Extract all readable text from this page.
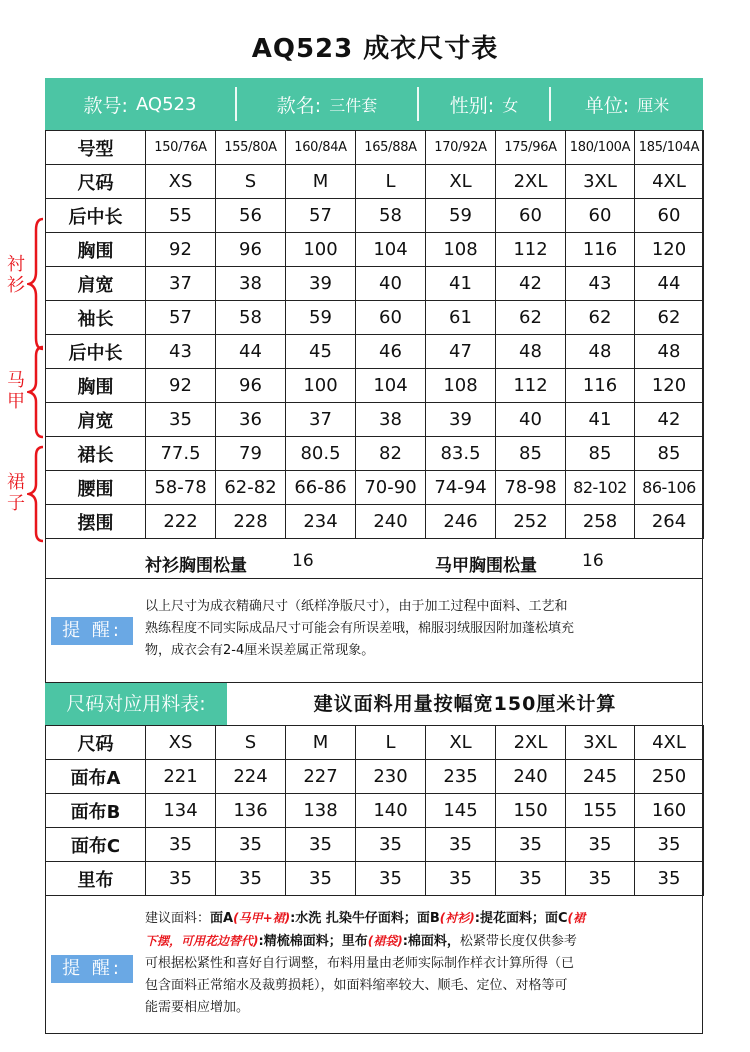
AQ523 成衣尺寸表
款号: AQ523	款名: 三件套	性别: 女	单位: 厘米
号型	150/76A	155/80A	160/84A	165/88A	170/92A	175/96A	180/100A	185/104A
尺码	XS	S	M	L	XL	2XL	3XL	4XL
后中长	55	56	57	58	59	60	60	60
胸围	92	96	100	104	108	112	116	120
肩宽	37	38	39	40	41	42	43	44
袖长	57	58	59	60	61	62	62	62
后中长	43	44	45	46	47	48	48	48
胸围	92	96	100	104	108	112	116	120
肩宽	35	36	37	38	39	40	41	42
裙长	77.5	79	80.5	82	83.5	85	85	85
腰围	58-78	62-82	66-86	70-90	74-94	78-98	82-102	86-106
摆围	222	228	234	240	246	252	258	264
衬衫
马甲
裙子
衬衫胸围松量	16	马甲胸围松量	16
提 醒:
以上尺寸为成衣精确尺寸（纸样净版尺寸），由于加工过程中面料、工艺和
熟练程度不同实际成品尺寸可能会有所误差哦，棉服羽绒服因附加蓬松填充
物，成衣会有2-4厘米误差属正常现象。
尺码对应用料表:	建议面料用量按幅宽150厘米计算
尺码	XS	S	M	L	XL	2XL	3XL	4XL
面布A	221	224	227	230	235	240	245	250
面布B	134	136	138	140	145	150	155	160
面布C	35	35	35	35	35	35	35	35
里布	35	35	35	35	35	35	35	35
提 醒:
建议面料：面A(马甲+裙):水洗 扎染牛仔面料；面B(衬衫):提花面料；面C(裙
下摆，可用花边替代):精梳棉面料；里布(裙袋):棉面料，松紧带长度仅供参考
可根据松紧性和喜好自行调整，布料用量由老师实际制作样衣计算所得（已
包含面料正常缩水及裁剪损耗），如面料缩率较大、顺毛、定位、对格等可
能需要相应增加。
